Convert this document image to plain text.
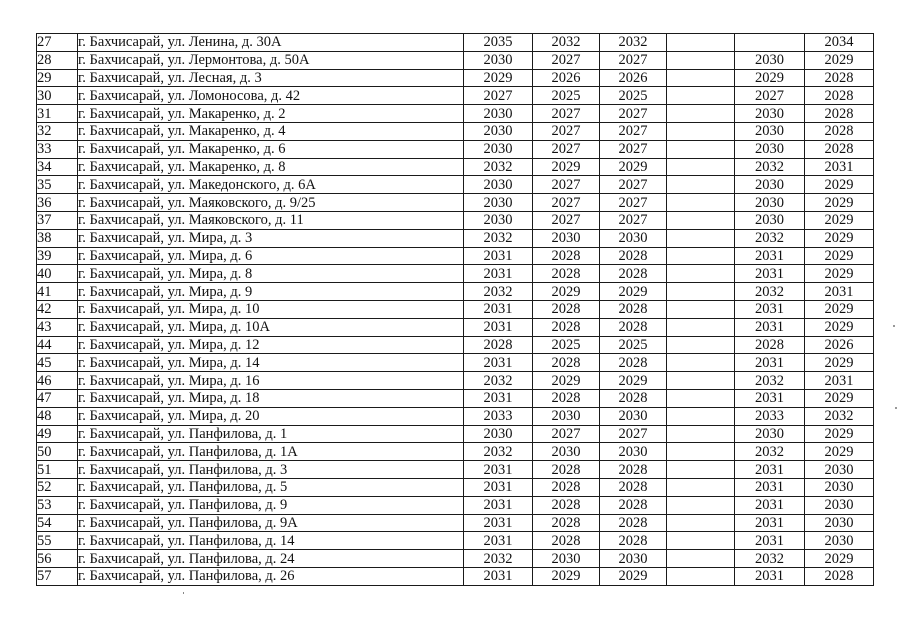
27	г. Бахчисарай, ул. Ленина, д. 30А	2035	2032	2032			2034
28	г. Бахчисарай, ул. Лермонтова, д. 50А	2030	2027	2027		2030	2029
29	г. Бахчисарай, ул. Лесная, д. 3	2029	2026	2026		2029	2028
30	г. Бахчисарай, ул. Ломоносова, д. 42	2027	2025	2025		2027	2028
31	г. Бахчисарай, ул. Макаренко, д. 2	2030	2027	2027		2030	2028
32	г. Бахчисарай, ул. Макаренко, д. 4	2030	2027	2027		2030	2028
33	г. Бахчисарай, ул. Макаренко, д. 6	2030	2027	2027		2030	2028
34	г. Бахчисарай, ул. Макаренко, д. 8	2032	2029	2029		2032	2031
35	г. Бахчисарай, ул. Македонского, д. 6А	2030	2027	2027		2030	2029
36	г. Бахчисарай, ул. Маяковского, д. 9/25	2030	2027	2027		2030	2029
37	г. Бахчисарай, ул. Маяковского, д. 11	2030	2027	2027		2030	2029
38	г. Бахчисарай, ул. Мира, д. 3	2032	2030	2030		2032	2029
39	г. Бахчисарай, ул. Мира, д. 6	2031	2028	2028		2031	2029
40	г. Бахчисарай, ул. Мира, д. 8	2031	2028	2028		2031	2029
41	г. Бахчисарай, ул. Мира, д. 9	2032	2029	2029		2032	2031
42	г. Бахчисарай, ул. Мира, д. 10	2031	2028	2028		2031	2029
43	г. Бахчисарай, ул. Мира, д. 10А	2031	2028	2028		2031	2029
44	г. Бахчисарай, ул. Мира, д. 12	2028	2025	2025		2028	2026
45	г. Бахчисарай, ул. Мира, д. 14	2031	2028	2028		2031	2029
46	г. Бахчисарай, ул. Мира, д. 16	2032	2029	2029		2032	2031
47	г. Бахчисарай, ул. Мира, д. 18	2031	2028	2028		2031	2029
48	г. Бахчисарай, ул. Мира, д. 20	2033	2030	2030		2033	2032
49	г. Бахчисарай, ул. Панфилова, д. 1	2030	2027	2027		2030	2029
50	г. Бахчисарай, ул. Панфилова, д. 1А	2032	2030	2030		2032	2029
51	г. Бахчисарай, ул. Панфилова, д. 3	2031	2028	2028		2031	2030
52	г. Бахчисарай, ул. Панфилова, д. 5	2031	2028	2028		2031	2030
53	г. Бахчисарай, ул. Панфилова, д. 9	2031	2028	2028		2031	2030
54	г. Бахчисарай, ул. Панфилова, д. 9А	2031	2028	2028		2031	2030
55	г. Бахчисарай, ул. Панфилова, д. 14	2031	2028	2028		2031	2030
56	г. Бахчисарай, ул. Панфилова, д. 24	2032	2030	2030		2032	2029
57	г. Бахчисарай, ул. Панфилова, д. 26	2031	2029	2029		2031	2028
